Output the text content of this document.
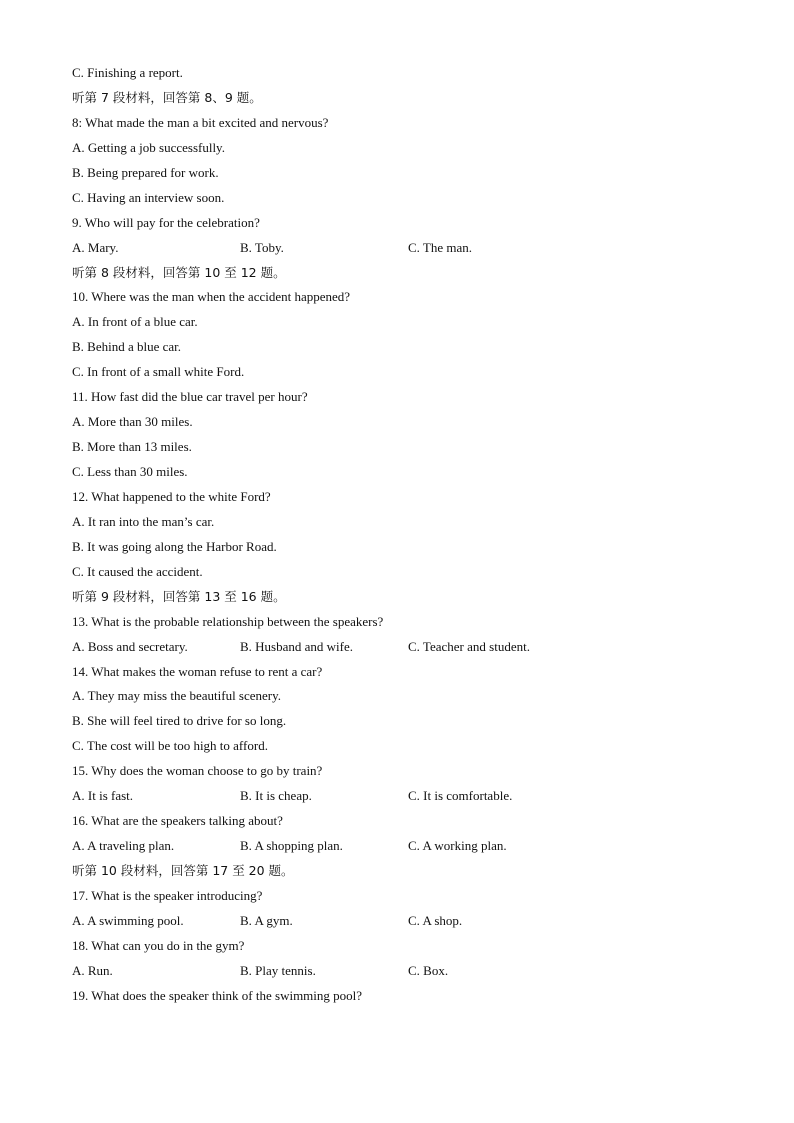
C. Finishing a report.
听第 7 段材料，回答第 8、9 题。
8: What made the man a bit excited and nervous?
A. Getting a job successfully.
B. Being prepared for work.
C. Having an interview soon.
9. Who will pay for the celebration?
A. Mary.	B. Toby.	C. The man.
听第 8 段材料，回答第 10 至 12 题。
10. Where was the man when the accident happened?
A. In front of a blue car.
B. Behind a blue car.
C. In front of a small white Ford.
11. How fast did the blue car travel per hour?
A. More than 30 miles.
B. More than 13 miles.
C. Less than 30 miles.
12. What happened to the white Ford?
A. It ran into the man’s car.
B. It was going along the Harbor Road.
C. It caused the accident.
听第 9 段材料，回答第 13 至 16 题。
13. What is the probable relationship between the speakers?
A. Boss and secretary.	B. Husband and wife.	C. Teacher and student.
14. What makes the woman refuse to rent a car?
A. They may miss the beautiful scenery.
B. She will feel tired to drive for so long.
C. The cost will be too high to afford.
15. Why does the woman choose to go by train?
A. It is fast.	B. It is cheap.	C. It is comfortable.
16. What are the speakers talking about?
A. A traveling plan.	B. A shopping plan.	C. A working plan.
听第 10 段材料，回答第 17 至 20 题。
17. What is the speaker introducing?
A. A swimming pool.	B. A gym.	C. A shop.
18. What can you do in the gym?
A. Run.	B. Play tennis.	C. Box.
19. What does the speaker think of the swimming pool?
